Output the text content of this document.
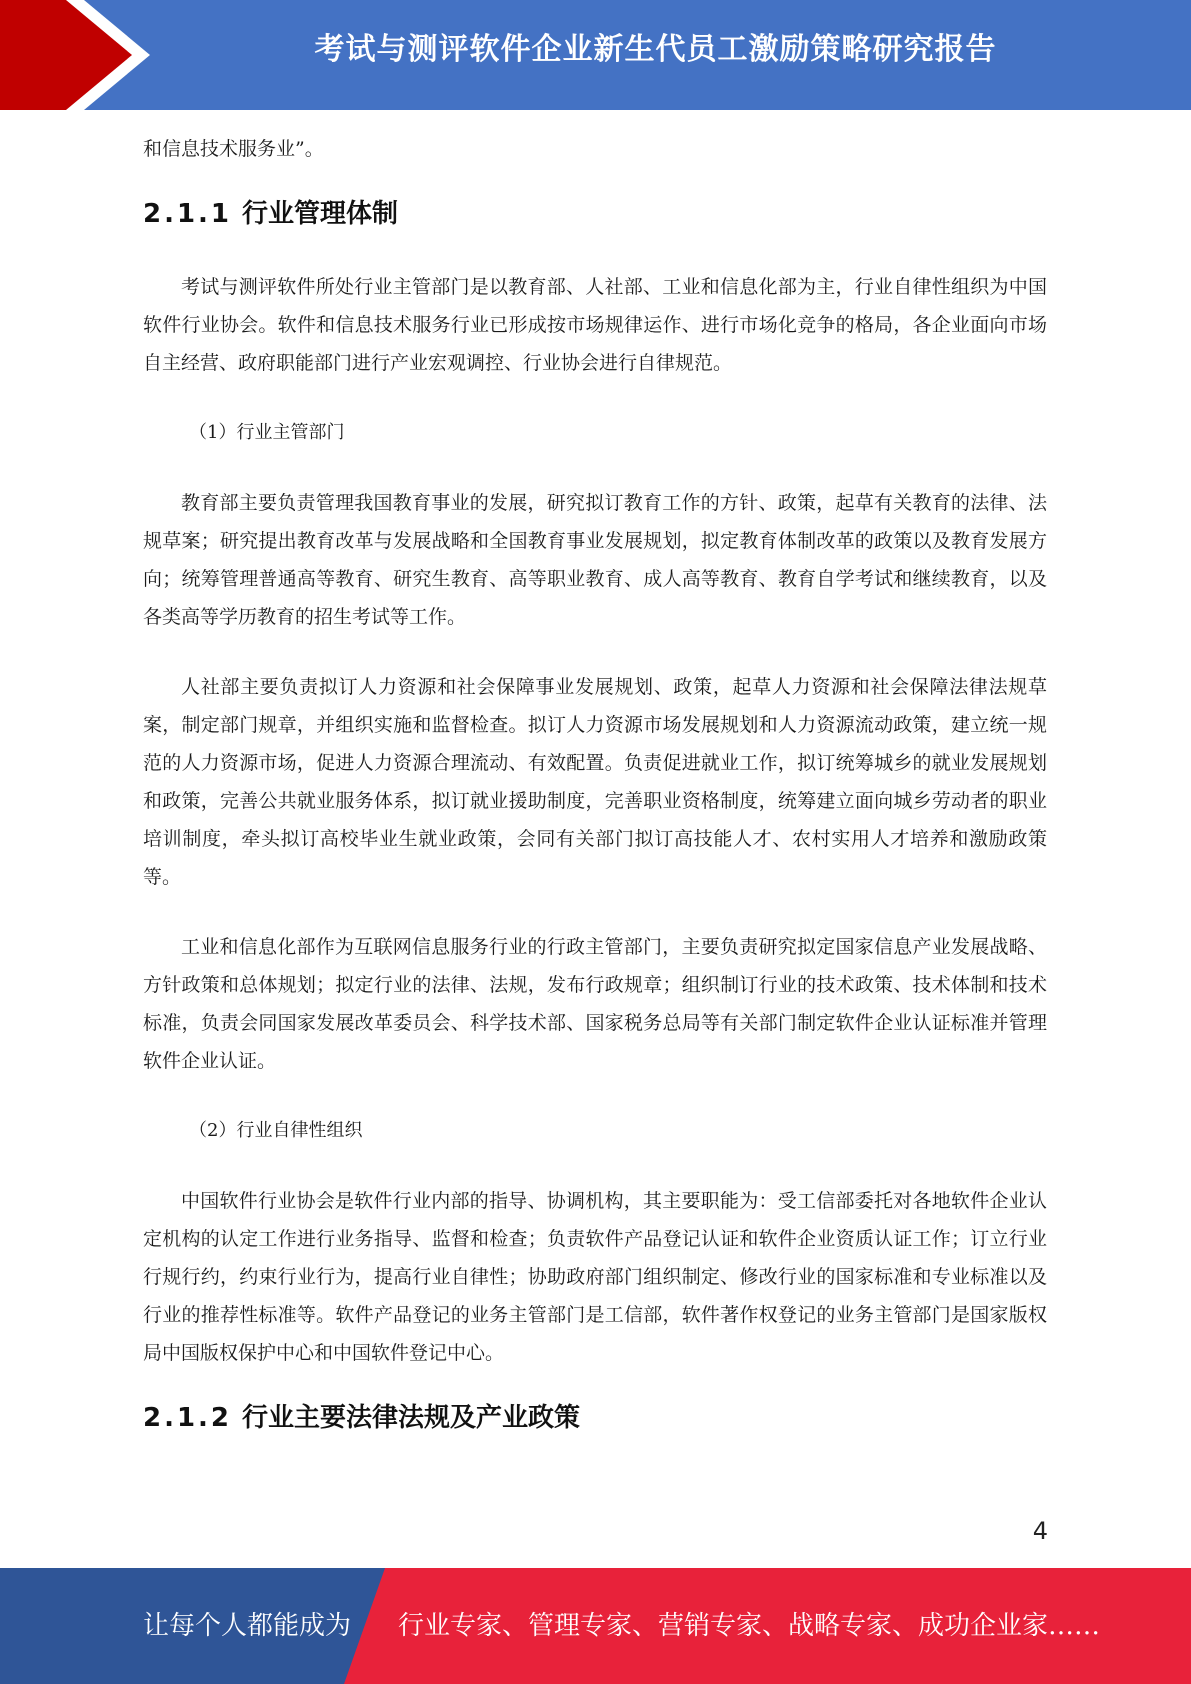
考试与测评软件企业新生代员工激励策略研究报告

和信息技术服务业”。

2.1.1 行业管理体制

考试与测评软件所处行业主管部门是以教育部、人社部、工业和信息化部为主，行业自律性组织为中国软件行业协会。软件和信息技术服务行业已形成按市场规律运作、进行市场化竞争的格局，各企业面向市场自主经营、政府职能部门进行产业宏观调控、行业协会进行自律规范。

（1）行业主管部门

教育部主要负责管理我国教育事业的发展，研究拟订教育工作的方针、政策，起草有关教育的法律、法规草案；研究提出教育改革与发展战略和全国教育事业发展规划，拟定教育体制改革的政策以及教育发展方向；统筹管理普通高等教育、研究生教育、高等职业教育、成人高等教育、教育自学考试和继续教育，以及各类高等学历教育的招生考试等工作。

人社部主要负责拟订人力资源和社会保障事业发展规划、政策，起草人力资源和社会保障法律法规草案，制定部门规章，并组织实施和监督检查。拟订人力资源市场发展规划和人力资源流动政策，建立统一规范的人力资源市场，促进人力资源合理流动、有效配置。负责促进就业工作，拟订统筹城乡的就业发展规划和政策，完善公共就业服务体系，拟订就业援助制度，完善职业资格制度，统筹建立面向城乡劳动者的职业培训制度，牵头拟订高校毕业生就业政策，会同有关部门拟订高技能人才、农村实用人才培养和激励政策等。

工业和信息化部作为互联网信息服务行业的行政主管部门，主要负责研究拟定国家信息产业发展战略、方针政策和总体规划；拟定行业的法律、法规，发布行政规章；组织制订行业的技术政策、技术体制和技术标准，负责会同国家发展改革委员会、科学技术部、国家税务总局等有关部门制定软件企业认证标准并管理软件企业认证。

（2）行业自律性组织

中国软件行业协会是软件行业内部的指导、协调机构，其主要职能为：受工信部委托对各地软件企业认定机构的认定工作进行业务指导、监督和检查；负责软件产品登记认证和软件企业资质认证工作；订立行业行规行约，约束行业行为，提高行业自律性；协助政府部门组织制定、修改行业的国家标准和专业标准以及行业的推荐性标准等。软件产品登记的业务主管部门是工信部，软件著作权登记的业务主管部门是国家版权局中国版权保护中心和中国软件登记中心。

2.1.2 行业主要法律法规及产业政策
4
让每个人都能成为 行业专家、管理专家、营销专家、战略专家、成功企业家……
